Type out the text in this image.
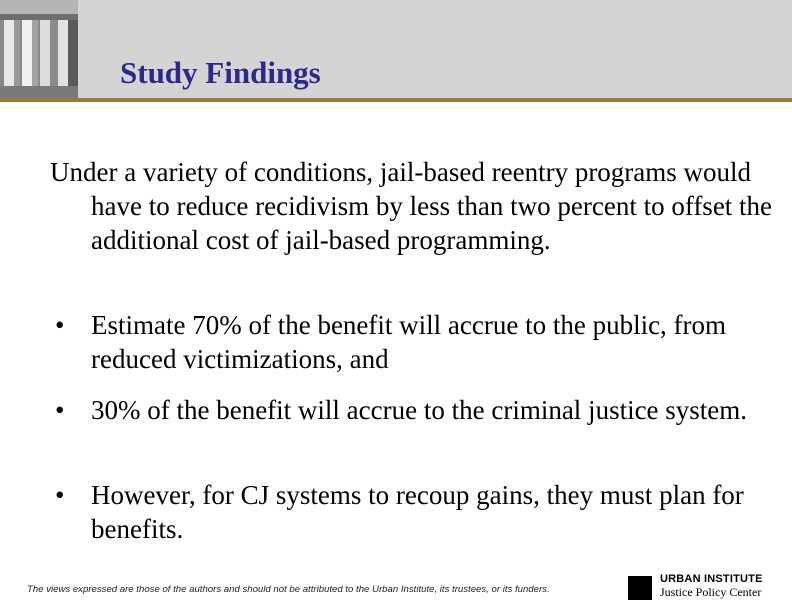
Study Findings
Under a variety of conditions, jail-based reentry programs would have to reduce recidivism by less than two percent to offset the additional cost of jail-based programming.
• Estimate 70% of the benefit will accrue to the public, from reduced victimizations, and
• 30% of the benefit will accrue to the criminal justice system.
• However, for CJ systems to recoup gains, they must plan for benefits.
The views expressed are those of the authors and should not be attributed to the Urban Institute, its trustees, or its funders.
URBAN INSTITUTE
Justice Policy Center
